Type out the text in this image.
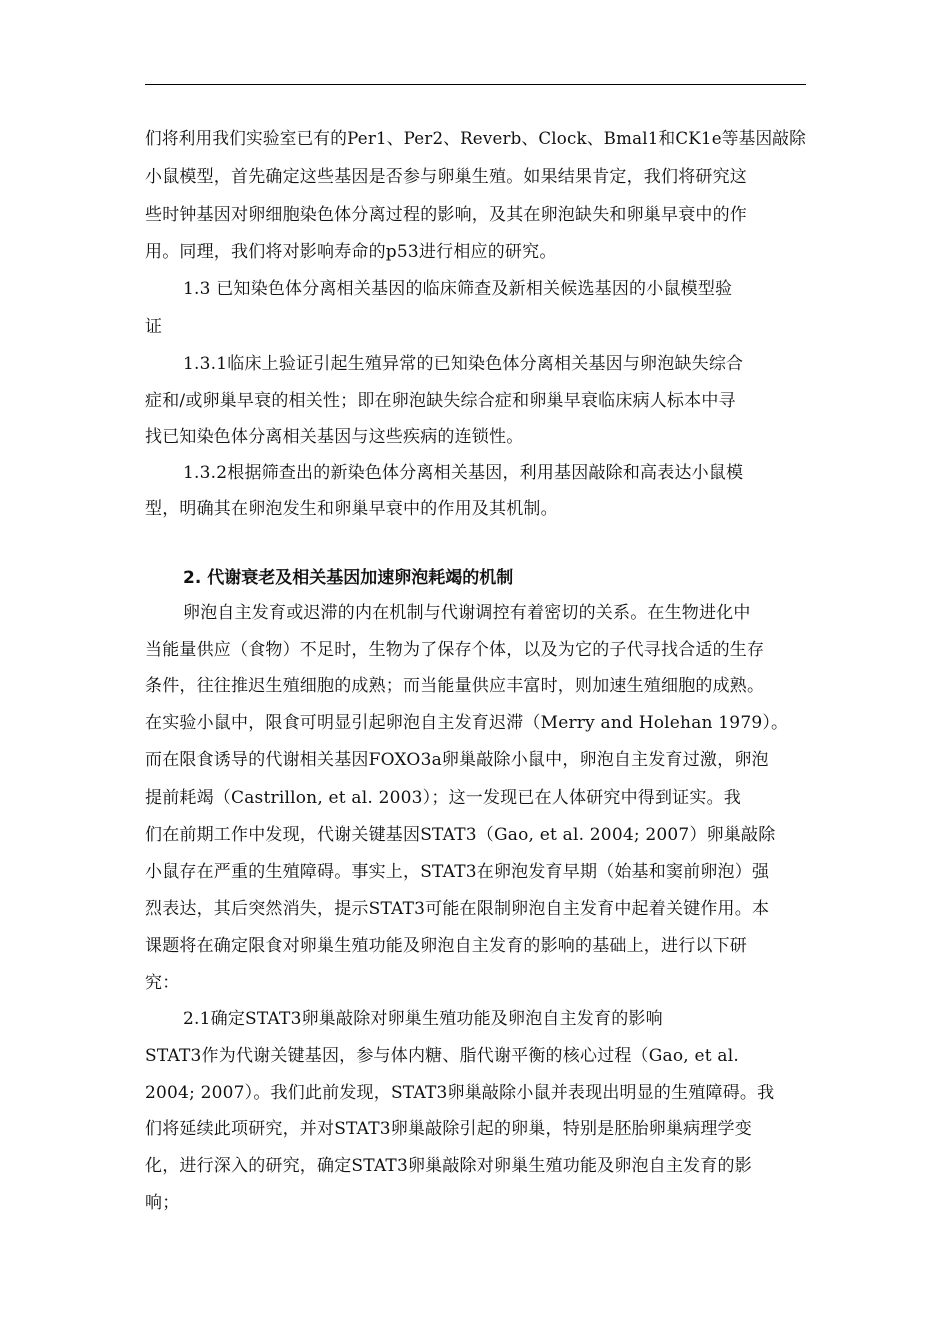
们将利用我们实验室已有的Per1、Per2、Reverb、Clock、Bmal1和CK1e等基因敲除
小鼠模型，首先确定这些基因是否参与卵巢生殖。如果结果肯定，我们将研究这
些时钟基因对卵细胞染色体分离过程的影响，及其在卵泡缺失和卵巢早衰中的作
用。同理，我们将对影响寿命的p53进行相应的研究。
1.3 已知染色体分离相关基因的临床筛查及新相关候选基因的小鼠模型验
证
1.3.1临床上验证引起生殖异常的已知染色体分离相关基因与卵泡缺失综合
症和/或卵巢早衰的相关性；即在卵泡缺失综合症和卵巢早衰临床病人标本中寻
找已知染色体分离相关基因与这些疾病的连锁性。
1.3.2根据筛查出的新染色体分离相关基因，利用基因敲除和高表达小鼠模
型，明确其在卵泡发生和卵巢早衰中的作用及其机制。
2. 代谢衰老及相关基因加速卵泡耗竭的机制
卵泡自主发育或迟滞的内在机制与代谢调控有着密切的关系。在生物进化中
当能量供应（食物）不足时，生物为了保存个体，以及为它的子代寻找合适的生存
条件，往往推迟生殖细胞的成熟；而当能量供应丰富时，则加速生殖细胞的成熟。
在实验小鼠中，限食可明显引起卵泡自主发育迟滞（Merry and Holehan 1979）。
而在限食诱导的代谢相关基因FOXO3a卵巢敲除小鼠中，卵泡自主发育过激，卵泡
提前耗竭（Castrillon, et al. 2003）；这一发现已在人体研究中得到证实。我
们在前期工作中发现，代谢关键基因STAT3（Gao, et al. 2004; 2007）卵巢敲除
小鼠存在严重的生殖障碍。事实上，STAT3在卵泡发育早期（始基和窦前卵泡）强
烈表达，其后突然消失，提示STAT3可能在限制卵泡自主发育中起着关键作用。本
课题将在确定限食对卵巢生殖功能及卵泡自主发育的影响的基础上，进行以下研
究：
2.1确定STAT3卵巢敲除对卵巢生殖功能及卵泡自主发育的影响
STAT3作为代谢关键基因，参与体内糖、脂代谢平衡的核心过程（Gao, et al.
2004; 2007）。我们此前发现，STAT3卵巢敲除小鼠并表现出明显的生殖障碍。我
们将延续此项研究，并对STAT3卵巢敲除引起的卵巢，特别是胚胎卵巢病理学变
化，进行深入的研究，确定STAT3卵巢敲除对卵巢生殖功能及卵泡自主发育的影
响；
